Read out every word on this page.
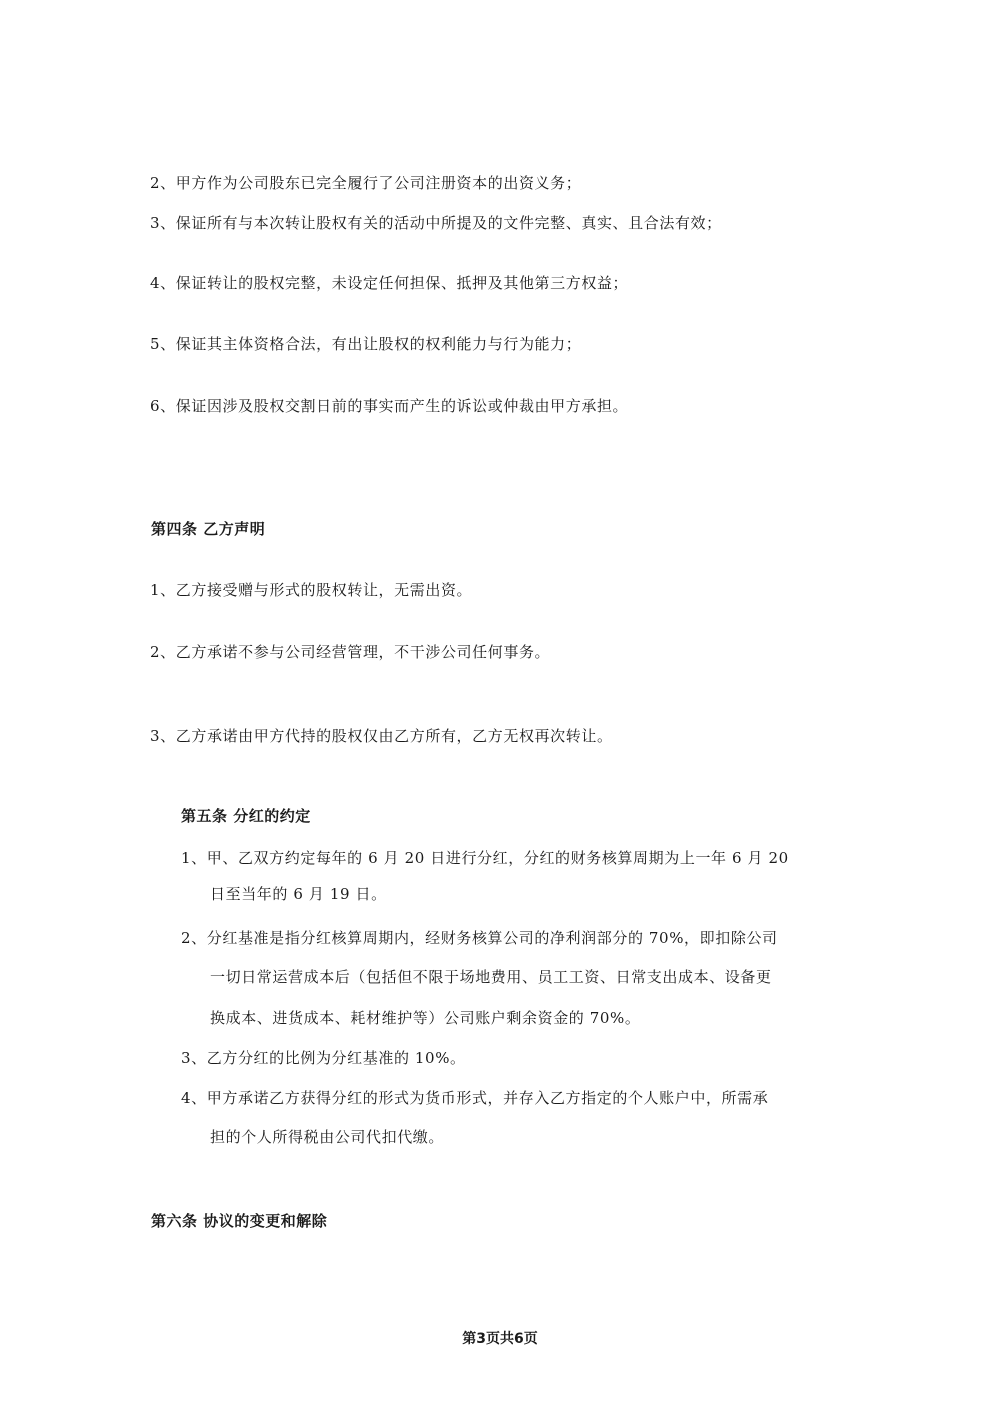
2、甲方作为公司股东已完全履行了公司注册资本的出资义务；
3、保证所有与本次转让股权有关的活动中所提及的文件完整、真实、且合法有效；
4、保证转让的股权完整，未设定任何担保、抵押及其他第三方权益；
5、保证其主体资格合法，有出让股权的权利能力与行为能力；
6、保证因涉及股权交割日前的事实而产生的诉讼或仲裁由甲方承担。
第四条 乙方声明
1、乙方接受赠与形式的股权转让，无需出资。
2、乙方承诺不参与公司经营管理，不干涉公司任何事务。
3、乙方承诺由甲方代持的股权仅由乙方所有，乙方无权再次转让。
第五条 分红的约定
1、甲、乙双方约定每年的 6 月 20 日进行分红，分红的财务核算周期为上一年 6 月 20
日至当年的 6 月 19 日。
2、分红基准是指分红核算周期内，经财务核算公司的净利润部分的 70%，即扣除公司
一切日常运营成本后（包括但不限于场地费用、员工工资、日常支出成本、设备更
换成本、进货成本、耗材维护等）公司账户剩余资金的 70%。
3、乙方分红的比例为分红基准的 10%。
4、甲方承诺乙方获得分红的形式为货币形式，并存入乙方指定的个人账户中，所需承
担的个人所得税由公司代扣代缴。
第六条 协议的变更和解除
第3页共6页
